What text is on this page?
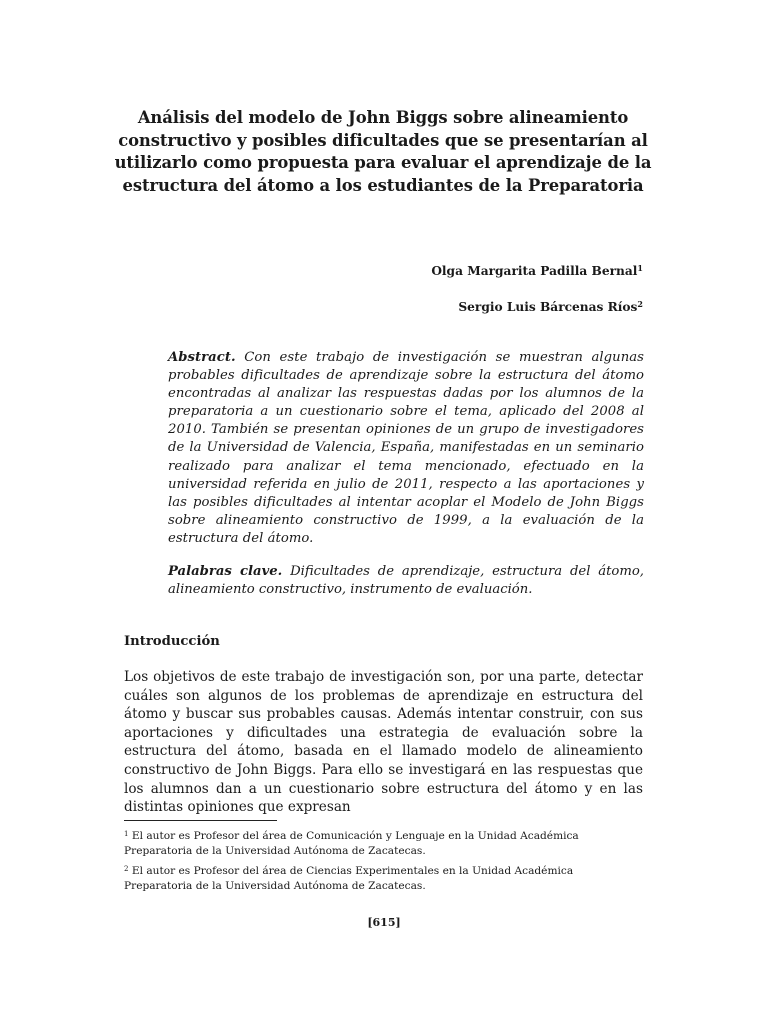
Análisis del modelo de John Biggs sobre alineamiento constructivo y posibles dificultades que se presentarían al utilizarlo como propuesta para evaluar el aprendizaje de la estructura del átomo a los estudiantes de la Preparatoria
Olga Margarita Padilla Bernal$^1$
Sergio Luis Bárcenas Ríos$^2$
Abstract. Con este trabajo de investigación se muestran algunas probables dificultades de aprendizaje sobre la estructura del átomo encontradas al analizar las respuestas dadas por los alumnos de la preparatoria a un cuestionario sobre el tema, aplicado del 2008 al 2010. También se presentan opiniones de un grupo de investigadores de la Universidad de Valencia, España, manifestadas en un seminario realizado para analizar el tema mencionado, efectuado en la universidad referida en julio de 2011, respecto a las aportaciones y las posibles dificultades al intentar acoplar el Modelo de John Biggs sobre alineamiento constructivo de 1999, a la evaluación de la estructura del átomo.
Palabras clave. Dificultades de aprendizaje, estructura del átomo, alineamiento constructivo, instrumento de evaluación.
Introducción
Los objetivos de este trabajo de investigación son, por una parte, detectar cuáles son algunos de los problemas de aprendizaje en estructura del átomo y buscar sus probables causas. Además intentar construir, con sus aportaciones y dificultades una estrategia de evaluación sobre la estructura del átomo, basada en el llamado modelo de alineamiento constructivo de John Biggs. Para ello se investigará en las respuestas que los alumnos dan a un cuestionario sobre estructura del átomo y en las distintas opiniones que expresan
$^1$ El autor es Profesor del área de Comunicación y Lenguaje en la Unidad Académica Preparatoria de la Universidad Autónoma de Zacatecas.
$^2$ El autor es Profesor del área de Ciencias Experimentales en la Unidad Académica Preparatoria de la Universidad Autónoma de Zacatecas.
[615]
